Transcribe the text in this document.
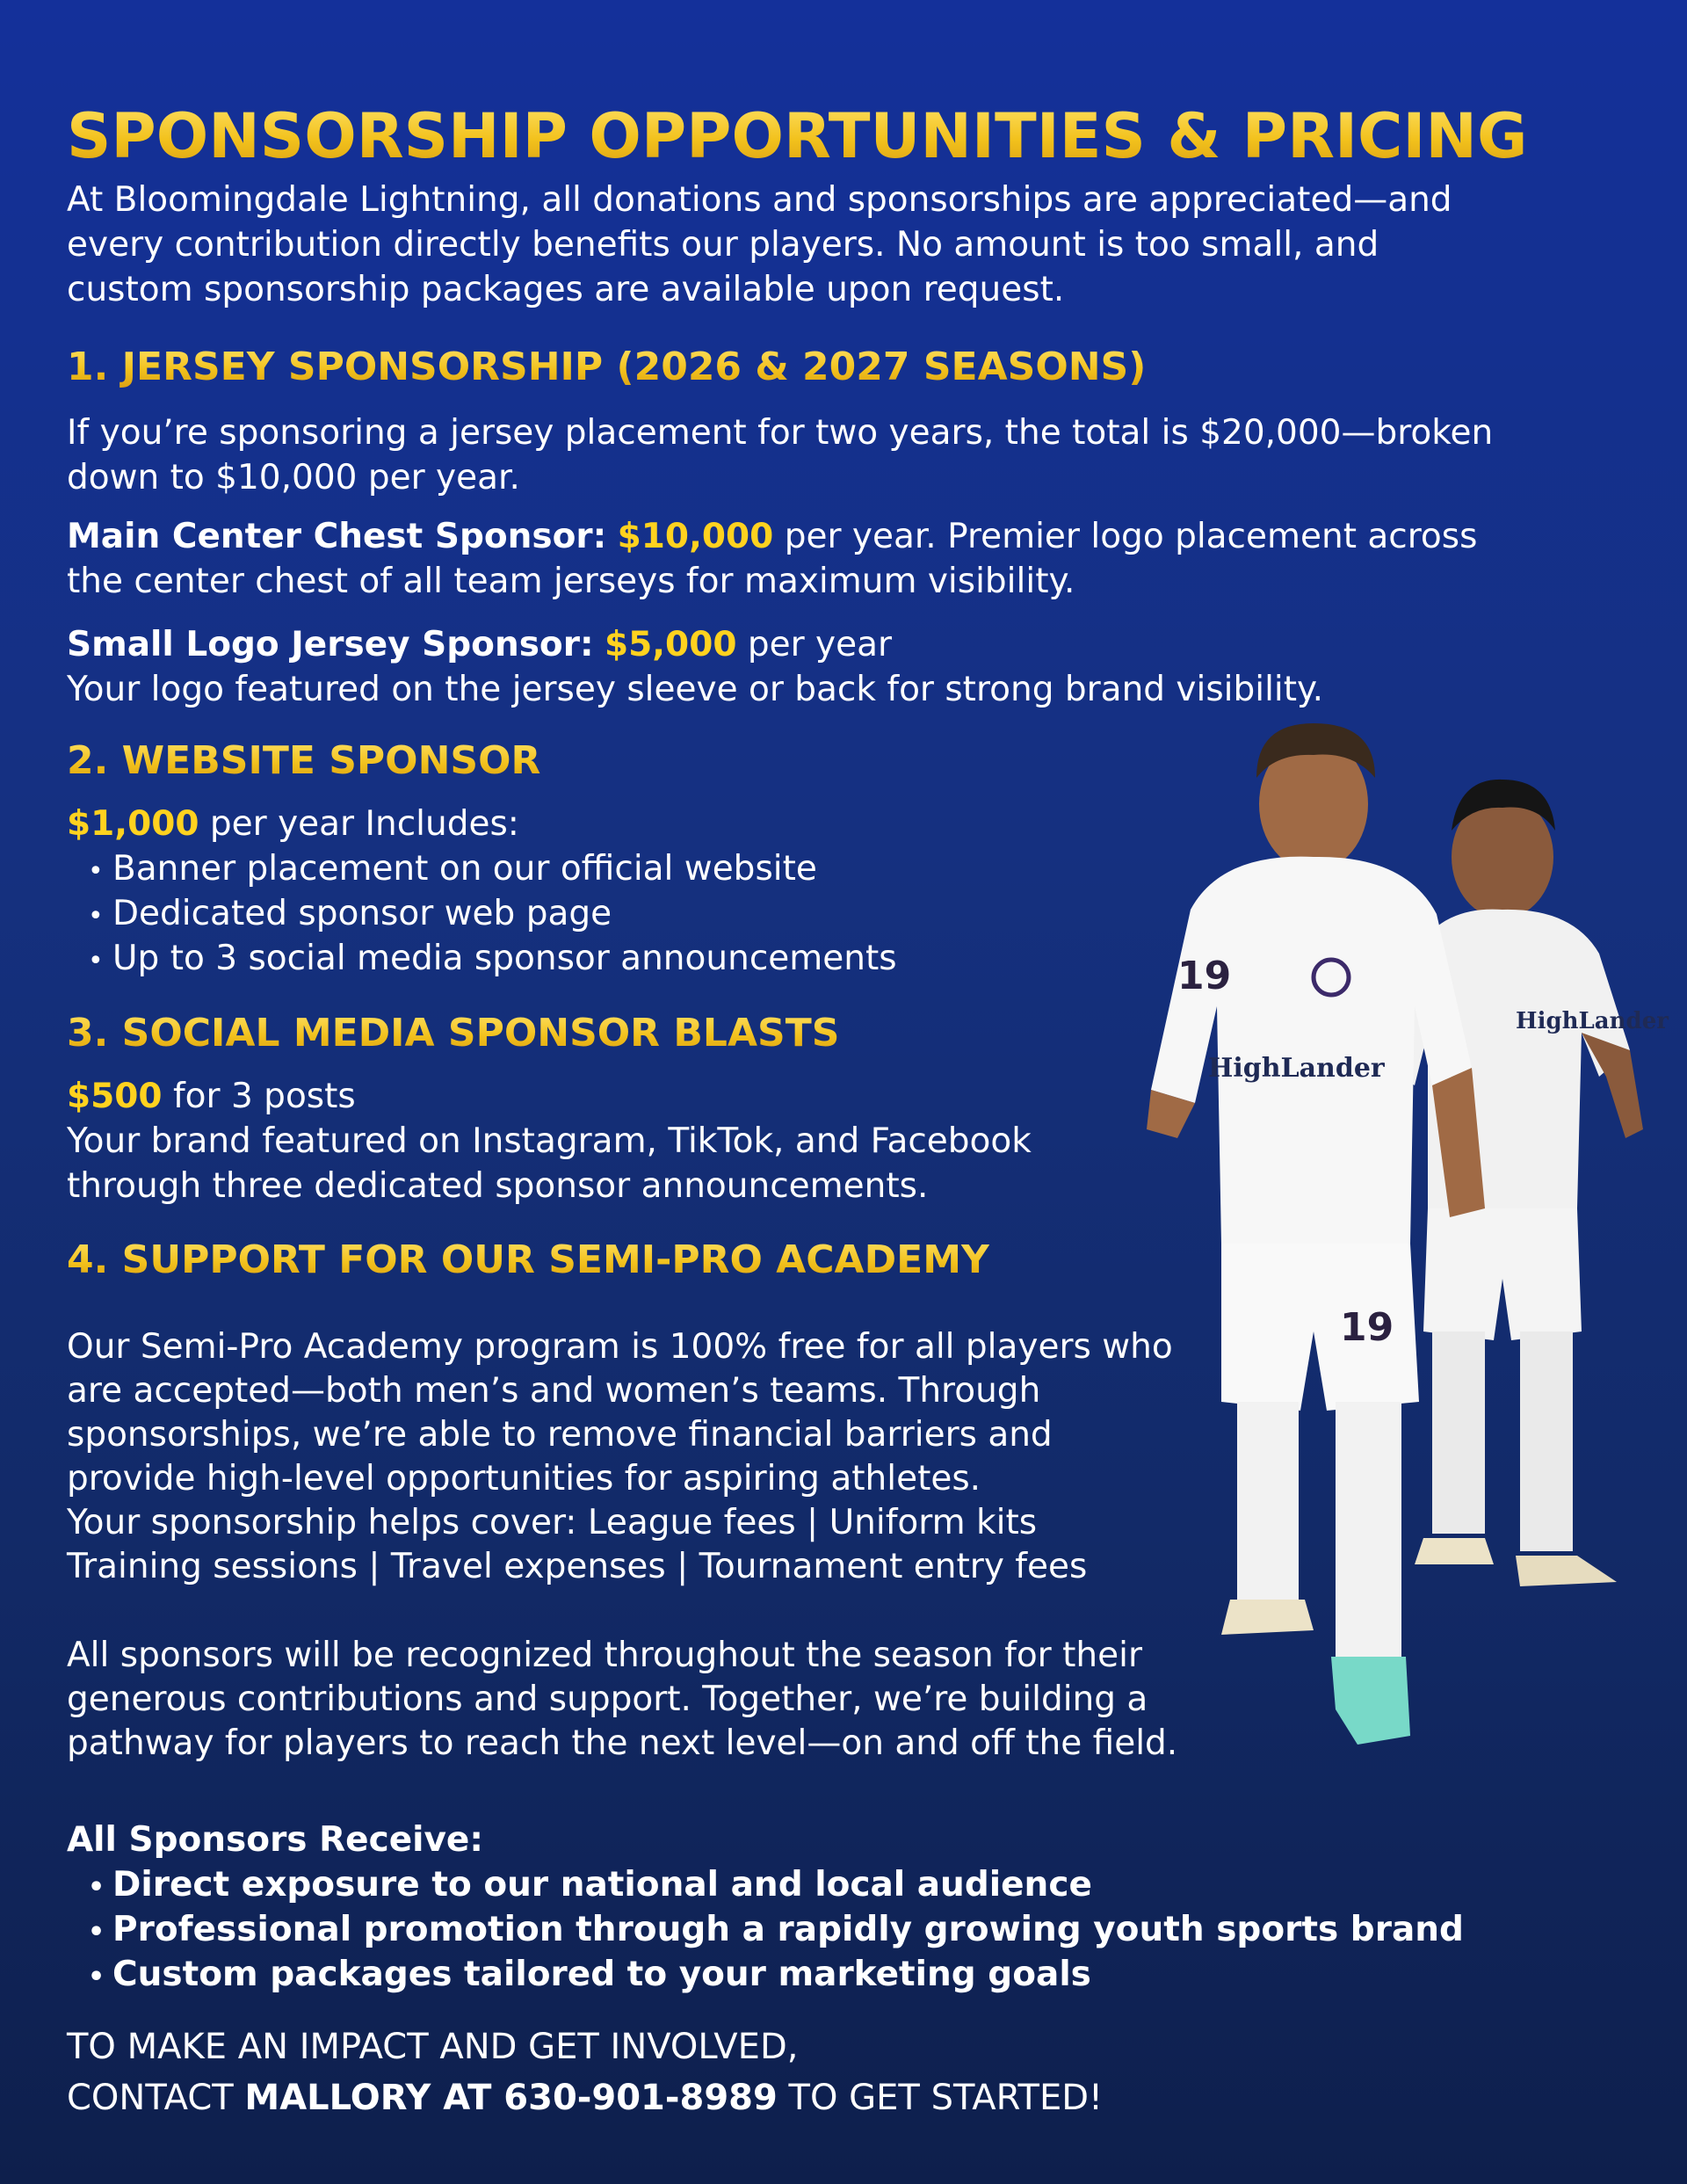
SPONSORSHIP OPPORTUNITIES & PRICING

At Bloomingdale Lightning, all donations and sponsorships are appreciated—and

every contribution directly benefits our players. No amount is too small, and

custom sponsorship packages are available upon request.

1. JERSEY SPONSORSHIP (2026 & 2027 SEASONS)

If you’re sponsoring a jersey placement for two years, the total is $20,000—broken

down to $10,000 per year.

Main Center Chest Sponsor: $10,000 per year. Premier logo placement across

the center chest of all team jerseys for maximum visibility.

Small Logo Jersey Sponsor: $5,000 per year

Your logo featured on the jersey sleeve or back for strong brand visibility.

2. WEBSITE SPONSOR

$1,000 per year Includes:

• Banner placement on our official website

• Dedicated sponsor web page

• Up to 3 social media sponsor announcements

3. SOCIAL MEDIA SPONSOR BLASTS

$500 for 3 posts

Your brand featured on Instagram, TikTok, and Facebook

through three dedicated sponsor announcements.

4. SUPPORT FOR OUR SEMI-PRO ACADEMY

Our Semi-Pro Academy program is 100% free for all players who

are accepted—both men’s and women’s teams. Through

sponsorships, we’re able to remove financial barriers and

provide high-level opportunities for aspiring athletes.

Your sponsorship helps cover: League fees | Uniform kits

Training sessions | Travel expenses | Tournament entry fees

All sponsors will be recognized throughout the season for their

generous contributions and support. Together, we’re building a

pathway for players to reach the next level—on and off the field.

All Sponsors Receive:

• Direct exposure to our national and local audience

• Professional promotion through a rapidly growing youth sports brand

• Custom packages tailored to your marketing goals

TO MAKE AN IMPACT AND GET INVOLVED,

CONTACT MALLORY AT 630-901-8989 TO GET STARTED!

HighLander
19
19
HighLander
